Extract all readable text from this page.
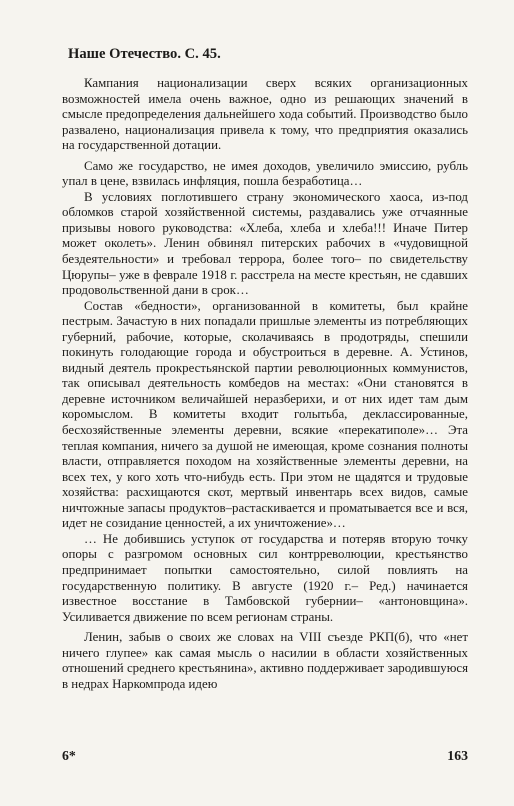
Наше Отечество. С. 45.

Кампания национализации сверх всяких организационных возможностей имела очень важное, одно из решающих значений в смысле предопределения дальнейшего хода событий. Производство было развалено, национализация привела к тому, что предприятия оказались на государственной дотации.

Само же государство, не имея доходов, увеличило эмиссию, рубль упал в цене, взвилась инфляция, пошла безработица…

В условиях поглотившего страну экономического хаоса, из-под обломков старой хозяйственной системы, раздавались уже отчаянные призывы нового руководства: «Хлеба, хлеба и хлеба!!! Иначе Питер может околеть». Ленин обвинял питерских рабочих в «чудовищной бездеятельности» и требовал террора, более того– по свидетельству Цюрупы– уже в феврале 1918 г. расстрела на месте крестьян, не сдавших продовольственной дани в срок…

Состав «бедности», организованной в комитеты, был крайне пестрым. Зачастую в них попадали пришлые элементы из потребляющих губерний, рабочие, которые, сколачиваясь в продотряды, спешили покинуть голодающие города и обустроиться в деревне. А. Устинов, видный деятель прокрестьянской партии революционных коммунистов, так описывал деятельность комбедов на местах: «Они становятся в деревне источником величайшей неразберихи, и от них идет там дым коромыслом. В комитеты входит голытьба, деклассированные, бесхозяйственные элементы деревни, всякие «перекатиполе»… Эта теплая компания, ничего за душой не имеющая, кроме сознания полноты власти, отправляется походом на хозяйственные элементы деревни, на всех тех, у кого хоть что-нибудь есть. При этом не щадятся и трудовые хозяйства: расхищаются скот, мертвый инвентарь всех видов, самые ничтожные запасы продуктов–растаскивается и проматывается все и вся, идет не созидание ценностей, а их уничтожение»…

… Не добившись уступок от государства и потеряв вторую точку опоры с разгромом основных сил контрреволюции, крестьянство предпринимает попытки самостоятельно, силой повлиять на государственную политику. В августе (1920 г.– Ред.) начинается известное восстание в Тамбовской губернии– «антоновщина». Усиливается движение по всем регионам страны.

Ленин, забыв о своих же словах на VIII съезде РКП(б), что «нет ничего глупее» как самая мысль о насилии в области хозяйственных отношений среднего крестьянина», активно поддерживает зародившуюся в недрах Наркомпрода идею

6*	163
